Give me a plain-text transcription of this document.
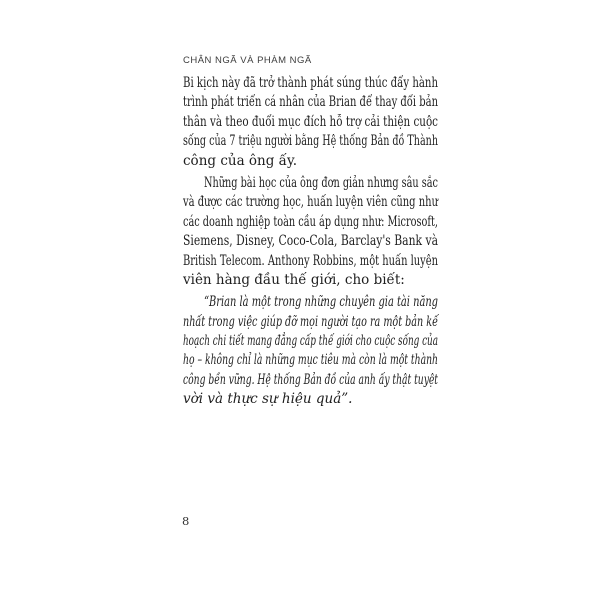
CHÂN NGÃ VÀ PHÀM NGÃ
Bi kịch này đã trở thành phát súng thúc đẩy hành
trình phát triển cá nhân của Brian để thay đổi bản
thân và theo đuổi mục đích hỗ trợ cải thiện cuộc
sống của 7 triệu người bằng Hệ thống Bản đồ Thành
công của ông ấy.
Những bài học của ông đơn giản nhưng sâu sắc
và được các trường học, huấn luyện viên cũng như
các doanh nghiệp toàn cầu áp dụng như: Microsoft,
Siemens, Disney, Coco-Cola, Barclay's Bank và
British Telecom. Anthony Robbins, một huấn luyện
viên hàng đầu thế giới, cho biết:
“Brian là một trong những chuyên gia tài năng
nhất trong việc giúp đỡ mọi người tạo ra một bản kế
hoạch chi tiết mang đẳng cấp thế giới cho cuộc sống của
họ – không chỉ là những mục tiêu mà còn là một thành
công bền vững. Hệ thống Bản đồ của anh ấy thật tuyệt
vời và thực sự hiệu quả”.
8
